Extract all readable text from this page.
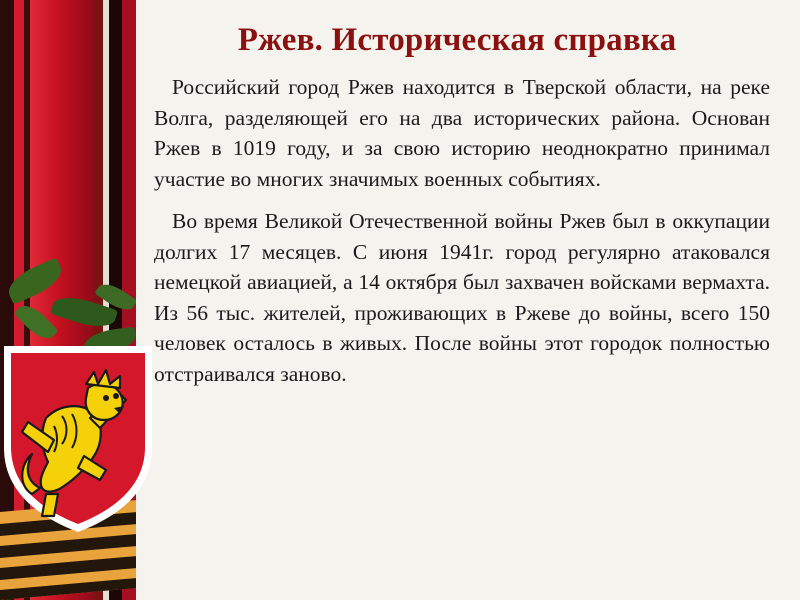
Ржев. Историческая справка

Российский город Ржев находится в Тверской области, на реке Волга, разделяющей его на два исторических района. Основан Ржев в 1019 году, и за свою историю неоднократно принимал участие во многих значимых военных событиях.

Во время Великой Отечественной войны Ржев был в оккупации долгих 17 месяцев. С июня 1941г. город регулярно атаковался немецкой авиацией, а 14 октября был захвачен войсками вермахта. Из 56 тыс. жителей, проживающих в Ржеве до войны, всего 150 человек осталось в живых. После войны этот городок полностью отстраивался заново.
